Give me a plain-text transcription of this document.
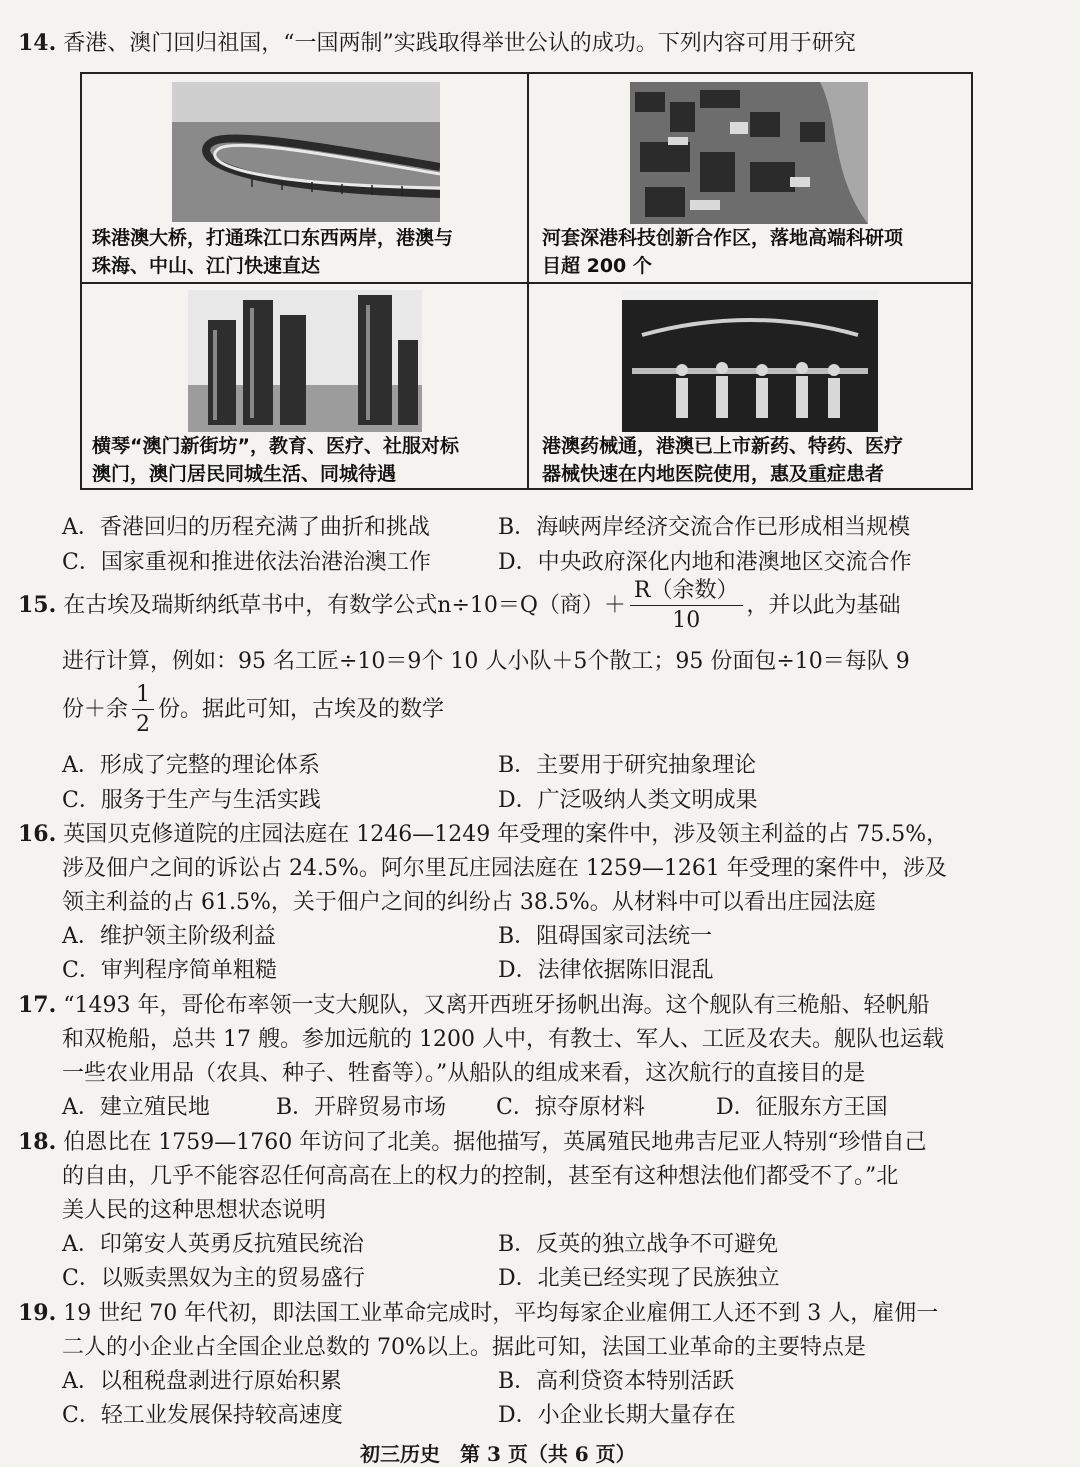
14. 香港、澳门回归祖国，“一国两制”实践取得举世公认的成功。下列内容可用于研究
珠港澳大桥，打通珠江口东西两岸，港澳与
珠海、中山、江门快速直达
河套深港科技创新合作区，落地高端科研项
目超 200 个
横琴“澳门新街坊”，教育、医疗、社服对标
澳门，澳门居民同城生活、同城待遇
港澳药械通，港澳已上市新药、特药、医疗
器械快速在内地医院使用，惠及重症患者
A．香港回归的历程充满了曲折和挑战	B．海峡两岸经济交流合作已形成相当规模
C．国家重视和推进依法治港治澳工作	D．中央政府深化内地和港澳地区交流合作
15. 在古埃及瑞斯纳纸草书中，有数学公式n÷10＝Q（商）＋ $\frac{\text{R（余数）}}{10}$ ，并以此为基础
进行计算，例如：95 名工匠÷10＝9个 10 人小队＋5个散工；95 份面包÷10＝每队 9
份＋余 $\frac{1}{2}$ 份。据此可知，古埃及的数学
A．形成了完整的理论体系	B．主要用于研究抽象理论
C．服务于生产与生活实践	D．广泛吸纳人类文明成果
16. 英国贝克修道院的庄园法庭在 1246—1249 年受理的案件中，涉及领主利益的占 75.5%，
涉及佃户之间的诉讼占 24.5%。阿尔里瓦庄园法庭在 1259—1261 年受理的案件中，涉及
领主利益的占 61.5%，关于佃户之间的纠纷占 38.5%。从材料中可以看出庄园法庭
A．维护领主阶级利益	B．阻碍国家司法统一
C．审判程序简单粗糙	D．法律依据陈旧混乱
17. “1493 年，哥伦布率领一支大舰队，又离开西班牙扬帆出海。这个舰队有三桅船、轻帆船
和双桅船，总共 17 艘。参加远航的 1200 人中，有教士、军人、工匠及农夫。舰队也运载
一些农业用品（农具、种子、牲畜等）。”从船队的组成来看，这次航行的直接目的是
A．建立殖民地	B．开辟贸易市场 C．掠夺原材料	D．征服东方王国
18. 伯恩比在 1759—1760 年访问了北美。据他描写，英属殖民地弗吉尼亚人特别“珍惜自己
的自由，几乎不能容忍任何高高在上的权力的控制，甚至有这种想法他们都受不了。”北
美人民的这种思想状态说明
A．印第安人英勇反抗殖民统治	B．反英的独立战争不可避免
C．以贩卖黑奴为主的贸易盛行	D．北美已经实现了民族独立
19. 19 世纪 70 年代初，即法国工业革命完成时，平均每家企业雇佣工人还不到 3 人，雇佣一
二人的小企业占全国企业总数的 70%以上。据此可知，法国工业革命的主要特点是
A．以租税盘剥进行原始积累	B．高利贷资本特别活跃
C．轻工业发展保持较高速度	D．小企业长期大量存在
初三历史　第 3 页（共 6 页）
